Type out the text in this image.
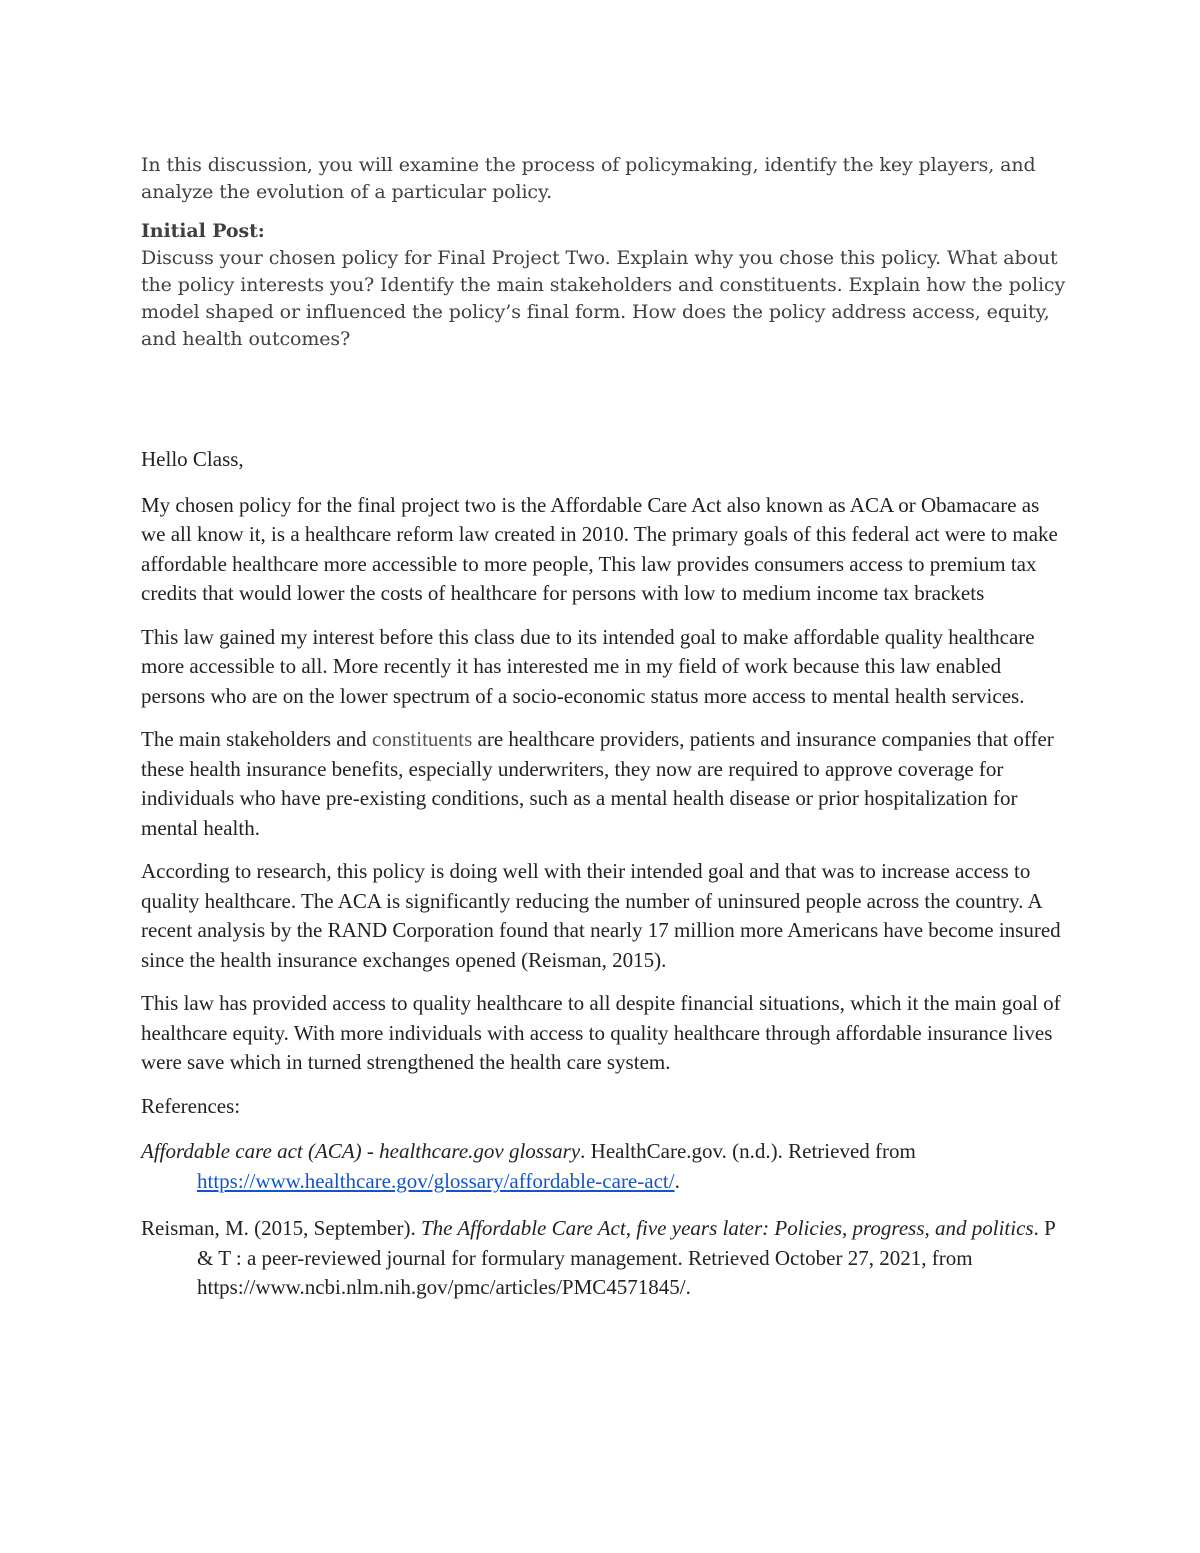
In this discussion, you will examine the process of policymaking, identify the key players, and analyze the evolution of a particular policy.

Initial Post:

Discuss your chosen policy for Final Project Two. Explain why you chose this policy. What about the policy interests you? Identify the main stakeholders and constituents. Explain how the policy model shaped or influenced the policy’s final form. How does the policy address access, equity, and health outcomes?

Hello Class,

My chosen policy for the final project two is the Affordable Care Act also known as ACA or Obamacare as we all know it, is a healthcare reform law created in 2010. The primary goals of this federal act were to make affordable healthcare more accessible to more people, This law provides consumers access to premium tax credits that would lower the costs of healthcare for persons with low to medium income tax brackets

This law gained my interest before this class due to its intended goal to make affordable quality healthcare more accessible to all. More recently it has interested me in my field of work because this law enabled persons who are on the lower spectrum of a socio-economic status more access to mental health services.

The main stakeholders and constituents are healthcare providers, patients and insurance companies that offer these health insurance benefits, especially underwriters, they now are required to approve coverage for individuals who have pre-existing conditions, such as a mental health disease or prior hospitalization for mental health.

According to research, this policy is doing well with their intended goal and that was to increase access to quality healthcare. The ACA is significantly reducing the number of uninsured people across the country. A recent analysis by the RAND Corporation found that nearly 17 million more Americans have become insured since the health insurance exchanges opened (Reisman, 2015).

This law has provided access to quality healthcare to all despite financial situations, which it the main goal of healthcare equity. With more individuals with access to quality healthcare through affordable insurance lives were save which in turned strengthened the health care system.

References:

Affordable care act (ACA) - healthcare.gov glossary. HealthCare.gov. (n.d.). Retrieved from https://www.healthcare.gov/glossary/affordable-care-act/.

Reisman, M. (2015, September). The Affordable Care Act, five years later: Policies, progress, and politics. P & T : a peer-reviewed journal for formulary management. Retrieved October 27, 2021, from https://www.ncbi.nlm.nih.gov/pmc/articles/PMC4571845/.
